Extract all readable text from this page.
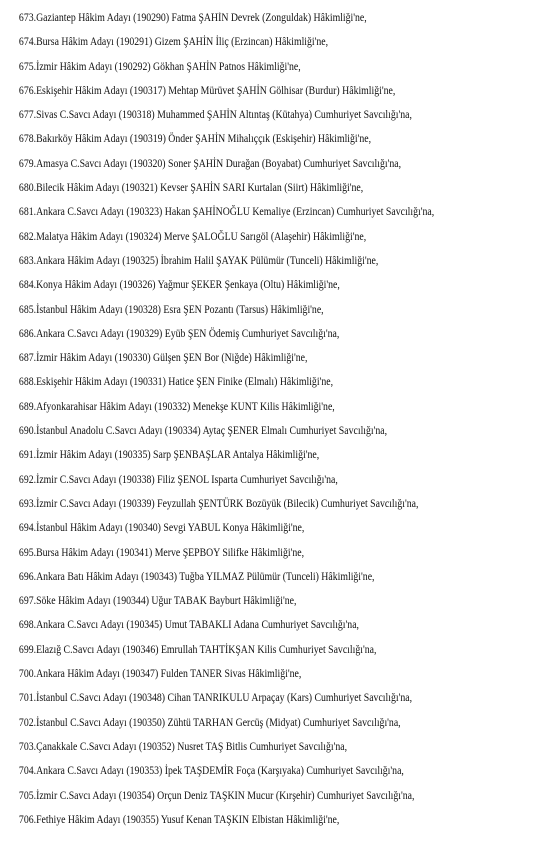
673.Gaziantep Hâkim Adayı (190290) Fatma ŞAHİN Devrek (Zonguldak) Hâkimliği'ne,
674.Bursa Hâkim Adayı (190291) Gizem ŞAHİN İliç (Erzincan) Hâkimliği'ne,
675.İzmir Hâkim Adayı (190292) Gökhan ŞAHİN Patnos Hâkimliği'ne,
676.Eskişehir Hâkim Adayı (190317) Mehtap Mürüvet ŞAHİN Gölhisar (Burdur) Hâkimliği'ne,
677.Sivas C.Savcı Adayı (190318) Muhammed ŞAHİN Altıntaş (Kütahya) Cumhuriyet Savcılığı'na,
678.Bakırköy Hâkim Adayı (190319) Önder ŞAHİN Mihalıççık (Eskişehir) Hâkimliği'ne,
679.Amasya C.Savcı Adayı (190320) Soner ŞAHİN Durağan (Boyabat) Cumhuriyet Savcılığı'na,
680.Bilecik Hâkim Adayı (190321) Kevser ŞAHİN SARI Kurtalan (Siirt) Hâkimliği'ne,
681.Ankara C.Savcı Adayı (190323) Hakan ŞAHİNOĞLU Kemaliye (Erzincan) Cumhuriyet Savcılığı'na,
682.Malatya Hâkim Adayı (190324) Merve ŞALOĞLU Sarıgöl (Alaşehir) Hâkimliği'ne,
683.Ankara Hâkim Adayı (190325) İbrahim Halil ŞAYAK Pülümür (Tunceli) Hâkimliği'ne,
684.Konya Hâkim Adayı (190326) Yağmur ŞEKER Şenkaya (Oltu) Hâkimliği'ne,
685.İstanbul Hâkim Adayı (190328) Esra ŞEN Pozantı (Tarsus) Hâkimliği'ne,
686.Ankara C.Savcı Adayı (190329) Eyüb ŞEN Ödemiş Cumhuriyet Savcılığı'na,
687.İzmir Hâkim Adayı (190330) Gülşen ŞEN Bor (Niğde) Hâkimliği'ne,
688.Eskişehir Hâkim Adayı (190331) Hatice ŞEN Finike (Elmalı) Hâkimliği'ne,
689.Afyonkarahisar Hâkim Adayı (190332) Menekşe KUNT Kilis Hâkimliği'ne,
690.İstanbul Anadolu C.Savcı Adayı (190334) Aytaç ŞENER Elmalı Cumhuriyet Savcılığı'na,
691.İzmir Hâkim Adayı (190335) Sarp ŞENBAŞLAR Antalya Hâkimliği'ne,
692.İzmir C.Savcı Adayı (190338) Filiz ŞENOL Isparta Cumhuriyet Savcılığı'na,
693.İzmir C.Savcı Adayı (190339) Feyzullah ŞENTÜRK Bozüyük (Bilecik) Cumhuriyet Savcılığı'na,
694.İstanbul Hâkim Adayı (190340) Sevgi YABUL Konya Hâkimliği'ne,
695.Bursa Hâkim Adayı (190341) Merve ŞEPBOY Silifke Hâkimliği'ne,
696.Ankara Batı Hâkim Adayı (190343) Tuğba YILMAZ Pülümür (Tunceli) Hâkimliği'ne,
697.Söke Hâkim Adayı (190344) Uğur TABAK Bayburt Hâkimliği'ne,
698.Ankara C.Savcı Adayı (190345) Umut TABAKLI Adana Cumhuriyet Savcılığı'na,
699.Elazığ C.Savcı Adayı (190346) Emrullah TAHTİKŞAN Kilis Cumhuriyet Savcılığı'na,
700.Ankara Hâkim Adayı (190347) Fulden TANER Sivas Hâkimliği'ne,
701.İstanbul C.Savcı Adayı (190348) Cihan TANRIKULU Arpaçay (Kars) Cumhuriyet Savcılığı'na,
702.İstanbul C.Savcı Adayı (190350) Zühtü TARHAN Gercüş (Midyat) Cumhuriyet Savcılığı'na,
703.Çanakkale C.Savcı Adayı (190352) Nusret TAŞ Bitlis Cumhuriyet Savcılığı'na,
704.Ankara C.Savcı Adayı (190353) İpek TAŞDEMİR Foça (Karşıyaka) Cumhuriyet Savcılığı'na,
705.İzmir C.Savcı Adayı (190354) Orçun Deniz TAŞKIN Mucur (Kırşehir) Cumhuriyet Savcılığı'na,
706.Fethiye Hâkim Adayı (190355) Yusuf Kenan TAŞKIN Elbistan Hâkimliği'ne,
